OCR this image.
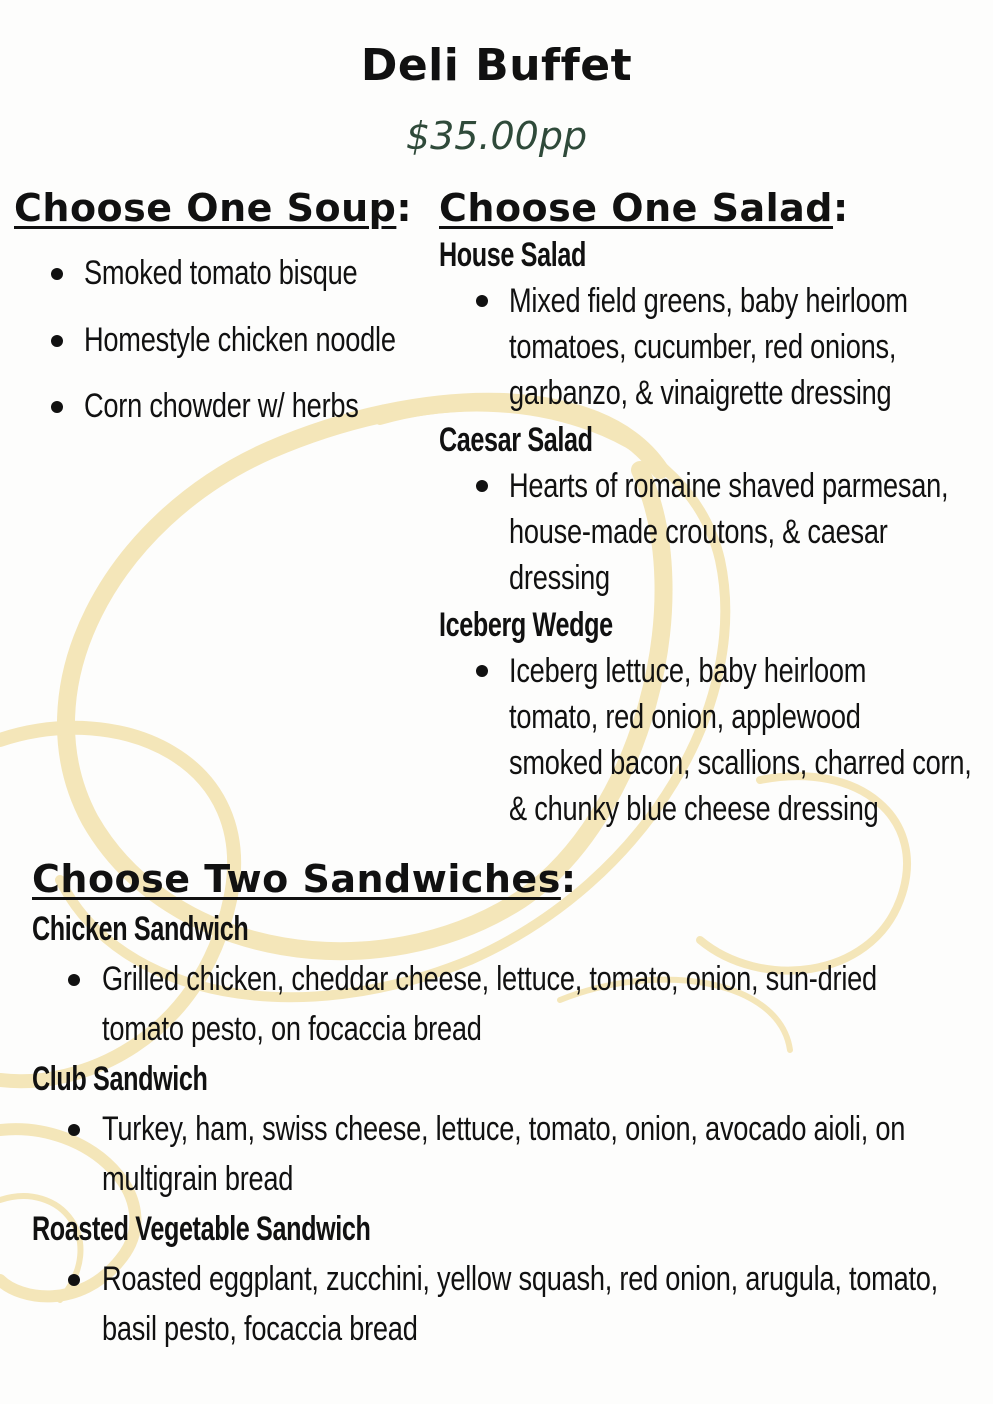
Deli Buffet
$35.00pp
Choose One Soup:
Smoked tomato bisque
Homestyle chicken noodle
Corn chowder w/ herbs
Choose One Salad:
House Salad
Mixed field greens, baby heirloom
tomatoes, cucumber, red onions,
garbanzo, & vinaigrette dressing
Caesar Salad
Hearts of romaine shaved parmesan,
house-made croutons, & caesar
dressing
Iceberg Wedge
Iceberg lettuce, baby heirloom
tomato, red onion, applewood
smoked bacon, scallions, charred corn,
& chunky blue cheese dressing
Choose Two Sandwiches:
Chicken Sandwich
Grilled chicken, cheddar cheese, lettuce, tomato, onion, sun-dried
tomato pesto, on focaccia bread
Club Sandwich
Turkey, ham, swiss cheese, lettuce, tomato, onion, avocado aioli, on
multigrain bread
Roasted Vegetable Sandwich
Roasted eggplant, zucchini, yellow squash, red onion, arugula, tomato,
basil pesto, focaccia bread
